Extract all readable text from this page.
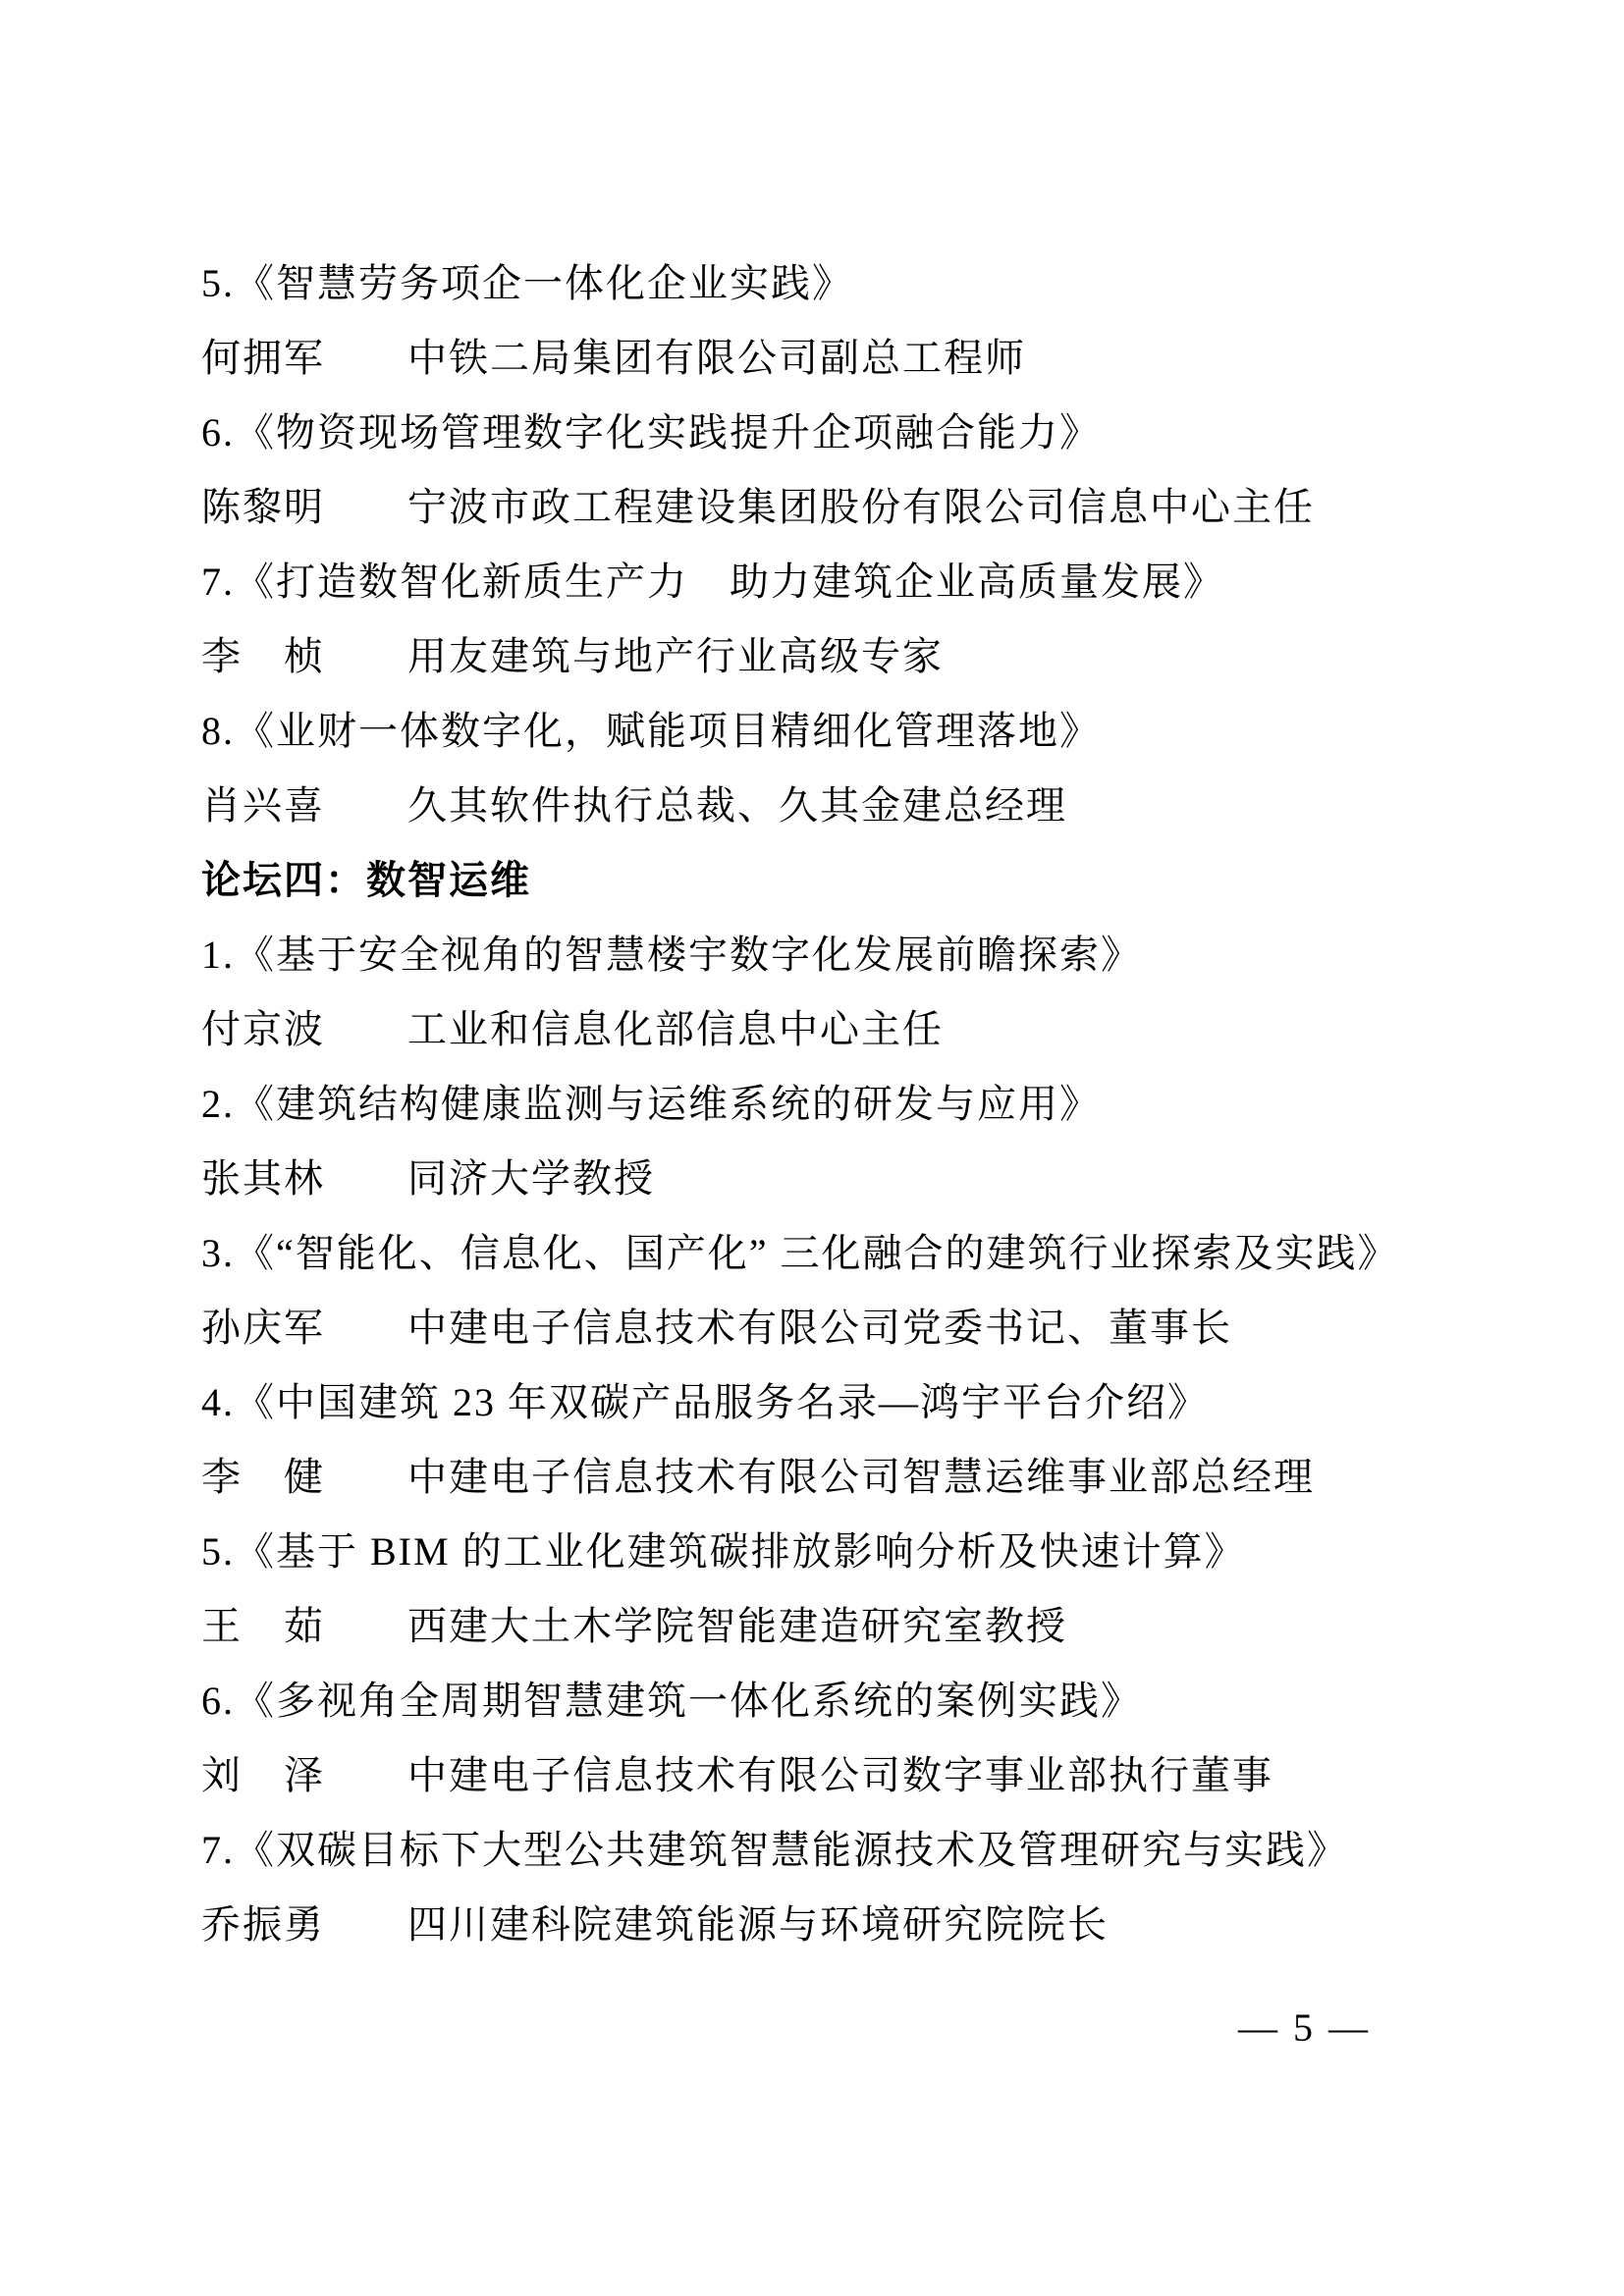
5.《智慧劳务项企一体化企业实践》
何拥军　　中铁二局集团有限公司副总工程师
6.《物资现场管理数字化实践提升企项融合能力》
陈黎明　　宁波市政工程建设集团股份有限公司信息中心主任
7.《打造数智化新质生产力　助力建筑企业高质量发展》
李　桢　　用友建筑与地产行业高级专家
8.《业财一体数字化，赋能项目精细化管理落地》
肖兴喜　　久其软件执行总裁、久其金建总经理
论坛四：数智运维
1.《基于安全视角的智慧楼宇数字化发展前瞻探索》
付京波　　工业和信息化部信息中心主任
2.《建筑结构健康监测与运维系统的研发与应用》
张其林　　同济大学教授
3.《“智能化、信息化、国产化” 三化融合的建筑行业探索及实践》
孙庆军　　中建电子信息技术有限公司党委书记、董事长
4.《中国建筑 23 年双碳产品服务名录—鸿宇平台介绍》
李　健　　中建电子信息技术有限公司智慧运维事业部总经理
5.《基于 BIM 的工业化建筑碳排放影响分析及快速计算》
王　茹　　西建大土木学院智能建造研究室教授
6.《多视角全周期智慧建筑一体化系统的案例实践》
刘　泽　　中建电子信息技术有限公司数字事业部执行董事
7.《双碳目标下大型公共建筑智慧能源技术及管理研究与实践》
乔振勇　　四川建科院建筑能源与环境研究院院长
— 5 —
